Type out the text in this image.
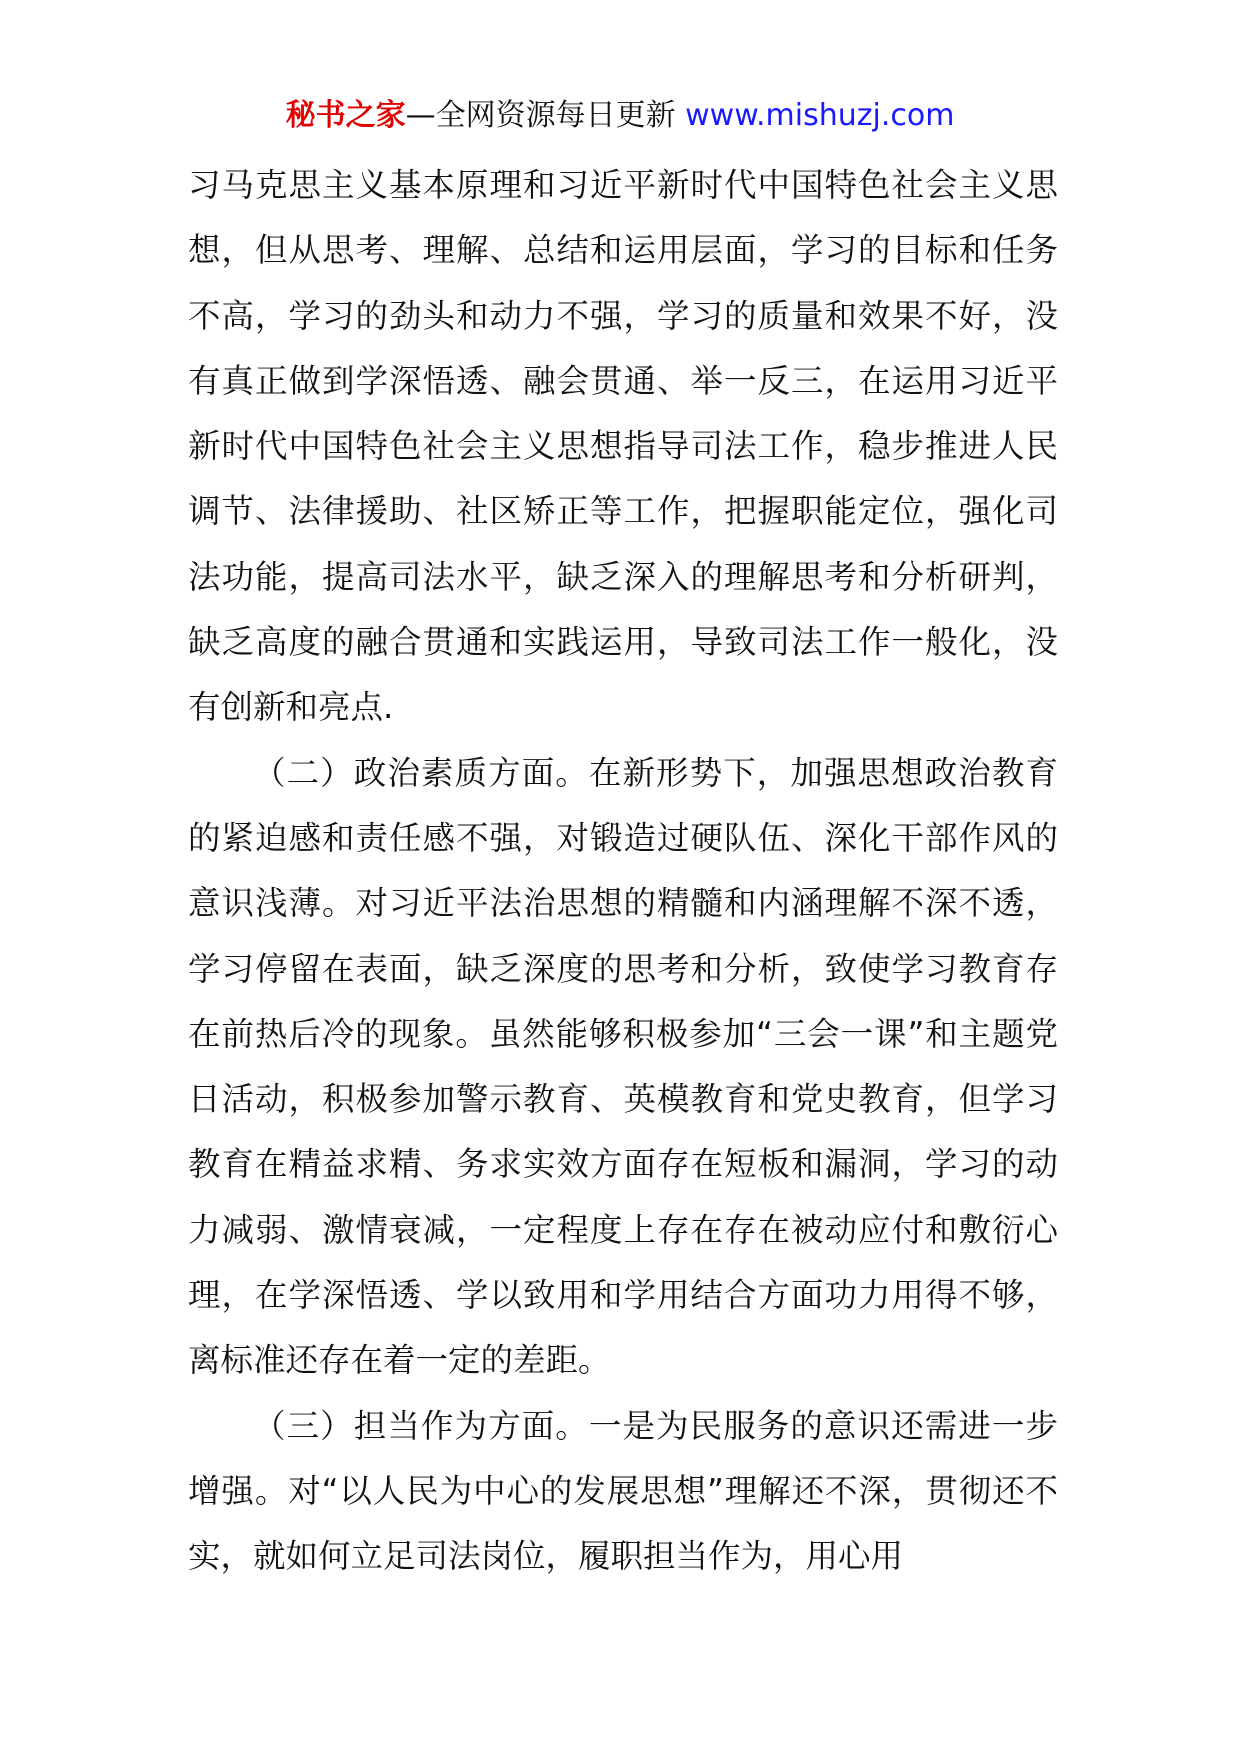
秘书之家—全网资源每日更新 www.mishuzj.com

习马克思主义基本原理和习近平新时代中国特色社会主义思想，但从思考、理解、总结和运用层面，学习的目标和任务不高，学习的劲头和动力不强，学习的质量和效果不好，没有真正做到学深悟透、融会贯通、举一反三，在运用习近平新时代中国特色社会主义思想指导司法工作，稳步推进人民调节、法律援助、社区矫正等工作，把握职能定位，强化司法功能，提高司法水平，缺乏深入的理解思考和分析研判，缺乏高度的融合贯通和实践运用，导致司法工作一般化，没有创新和亮点.

（二）政治素质方面。在新形势下，加强思想政治教育的紧迫感和责任感不强，对锻造过硬队伍、深化干部作风的意识浅薄。对习近平法治思想的精髓和内涵理解不深不透，学习停留在表面，缺乏深度的思考和分析，致使学习教育存在前热后冷的现象。虽然能够积极参加“三会一课”和主题党日活动，积极参加警示教育、英模教育和党史教育，但学习教育在精益求精、务求实效方面存在短板和漏洞，学习的动力减弱、激情衰减，一定程度上存在存在被动应付和敷衍心理，在学深悟透、学以致用和学用结合方面功力用得不够，离标准还存在着一定的差距。

（三）担当作为方面。一是为民服务的意识还需进一步增强。对“以人民为中心的发展思想”理解还不深，贯彻还不实，就如何立足司法岗位，履职担当作为，用心用
